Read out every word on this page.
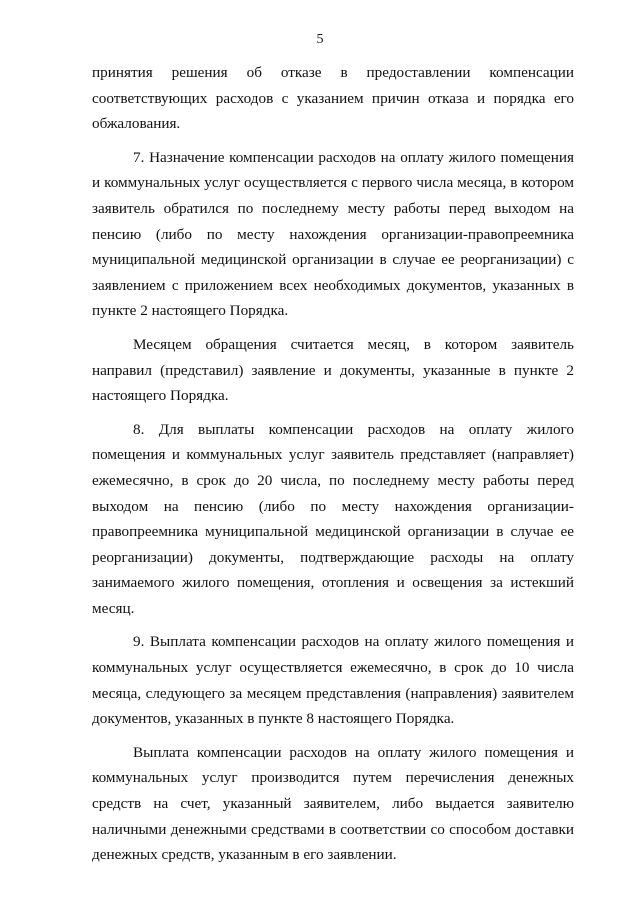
5

принятия решения об отказе в предоставлении компенсации соответствующих расходов с указанием причин отказа и порядка его обжалования.

7. Назначение компенсации расходов на оплату жилого помещения и коммунальных услуг осуществляется с первого числа месяца, в котором заявитель обратился по последнему месту работы перед выходом на пенсию (либо по месту нахождения организации-правопреемника муниципальной медицинской организации в случае ее реорганизации) с заявлением с приложением всех необходимых документов, указанных в пункте 2 настоящего Порядка.

Месяцем обращения считается месяц, в котором заявитель направил (представил) заявление и документы, указанные в пункте 2 настоящего Порядка.

8. Для выплаты компенсации расходов на оплату жилого помещения и коммунальных услуг заявитель представляет (направляет) ежемесячно, в срок до 20 числа, по последнему месту работы перед выходом на пенсию (либо по месту нахождения организации-правопреемника муниципальной медицинской организации в случае ее реорганизации) документы, подтверждающие расходы на оплату занимаемого жилого помещения, отопления и освещения за истекший месяц.

9. Выплата компенсации расходов на оплату жилого помещения и коммунальных услуг осуществляется ежемесячно, в срок до 10 числа месяца, следующего за месяцем представления (направления) заявителем документов, указанных в пункте 8 настоящего Порядка.

Выплата компенсации расходов на оплату жилого помещения и коммунальных услуг производится путем перечисления денежных средств на счет, указанный заявителем, либо выдается заявителю наличными денежными средствами в соответствии со способом доставки денежных средств, указанным в его заявлении.
